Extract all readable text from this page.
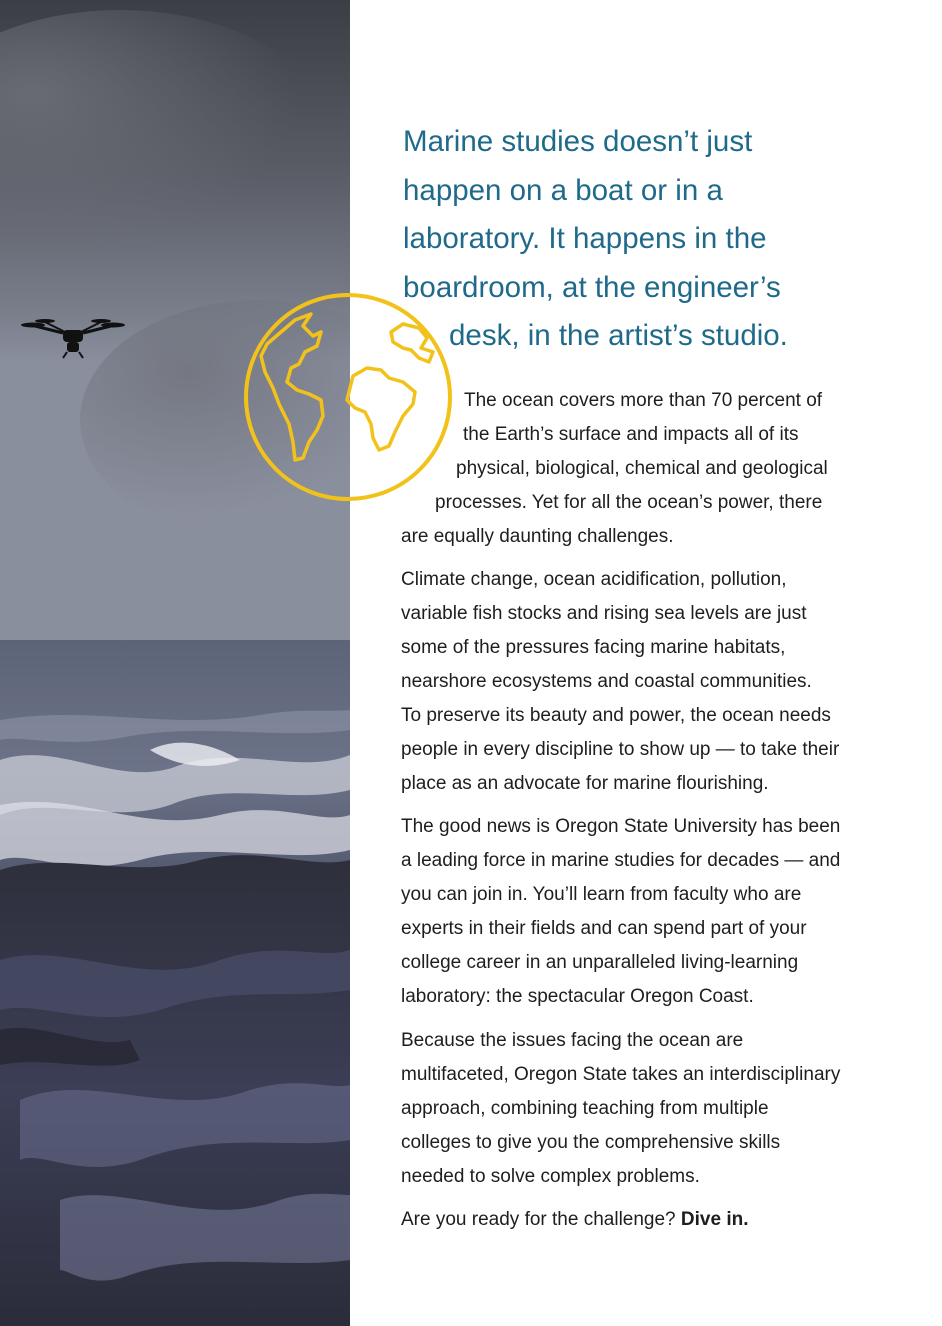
Marine studies doesn’t just
happen on a boat or in a
laboratory. It happens in the
boardroom, at the engineer’s
desk, in the artist’s studio.

The ocean covers more than 70 percent of
the Earth’s surface and impacts all of its
physical, biological, chemical and geological
processes. Yet for all the ocean’s power, there
are equally daunting challenges.

Climate change, ocean acidification, pollution,
variable fish stocks and rising sea levels are just
some of the pressures facing marine habitats,
nearshore ecosystems and coastal communities.
To preserve its beauty and power, the ocean needs
people in every discipline to show up — to take their
place as an advocate for marine flourishing.

The good news is Oregon State University has been
a leading force in marine studies for decades — and
you can join in. You’ll learn from faculty who are
experts in their fields and can spend part of your
college career in an unparalleled living-learning
laboratory: the spectacular Oregon Coast.

Because the issues facing the ocean are
multifaceted, Oregon State takes an interdisciplinary
approach, combining teaching from multiple
colleges to give you the comprehensive skills
needed to solve complex problems.

Are you ready for the challenge? Dive in.
